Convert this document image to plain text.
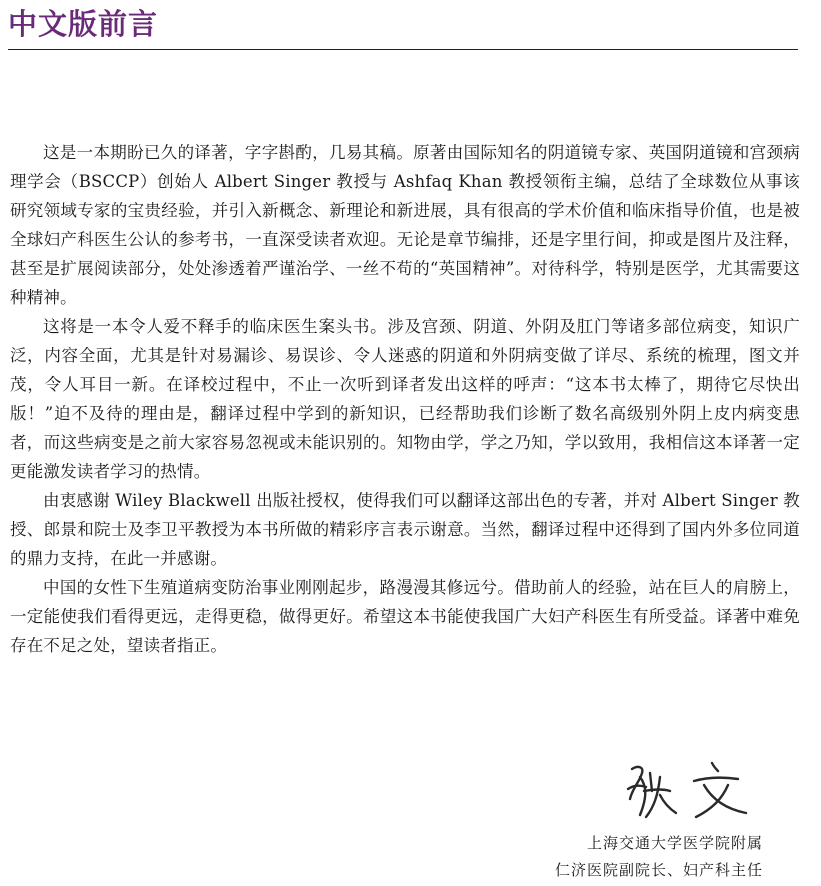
中文版前言

这是一本期盼已久的译著，字字斟酌，几易其稿。原著由国际知名的阴道镜专家、英国阴道镜和宫颈病理学会（BSCCP）创始人 Albert Singer 教授与 Ashfaq Khan 教授领衔主编，总结了全球数位从事该研究领域专家的宝贵经验，并引入新概念、新理论和新进展，具有很高的学术价值和临床指导价值，也是被全球妇产科医生公认的参考书，一直深受读者欢迎。无论是章节编排，还是字里行间，抑或是图片及注释，甚至是扩展阅读部分，处处渗透着严谨治学、一丝不苟的“英国精神”。对待科学，特别是医学，尤其需要这种精神。

这将是一本令人爱不释手的临床医生案头书。涉及宫颈、阴道、外阴及肛门等诸多部位病变，知识广泛，内容全面，尤其是针对易漏诊、易误诊、令人迷惑的阴道和外阴病变做了详尽、系统的梳理，图文并茂，令人耳目一新。在译校过程中，不止一次听到译者发出这样的呼声：“这本书太棒了，期待它尽快出版！”迫不及待的理由是，翻译过程中学到的新知识，已经帮助我们诊断了数名高级别外阴上皮内病变患者，而这些病变是之前大家容易忽视或未能识别的。知物由学，学之乃知，学以致用，我相信这本译著一定更能激发读者学习的热情。

由衷感谢 Wiley Blackwell 出版社授权，使得我们可以翻译这部出色的专著，并对 Albert Singer 教授、郎景和院士及李卫平教授为本书所做的精彩序言表示谢意。当然，翻译过程中还得到了国内外多位同道的鼎力支持，在此一并感谢。

中国的女性下生殖道病变防治事业刚刚起步，路漫漫其修远兮。借助前人的经验，站在巨人的肩膀上，一定能使我们看得更远，走得更稳，做得更好。希望这本书能使我国广大妇产科医生有所受益。译著中难免存在不足之处，望读者指正。

上海交通大学医学院附属
仁济医院副院长、妇产科主任
